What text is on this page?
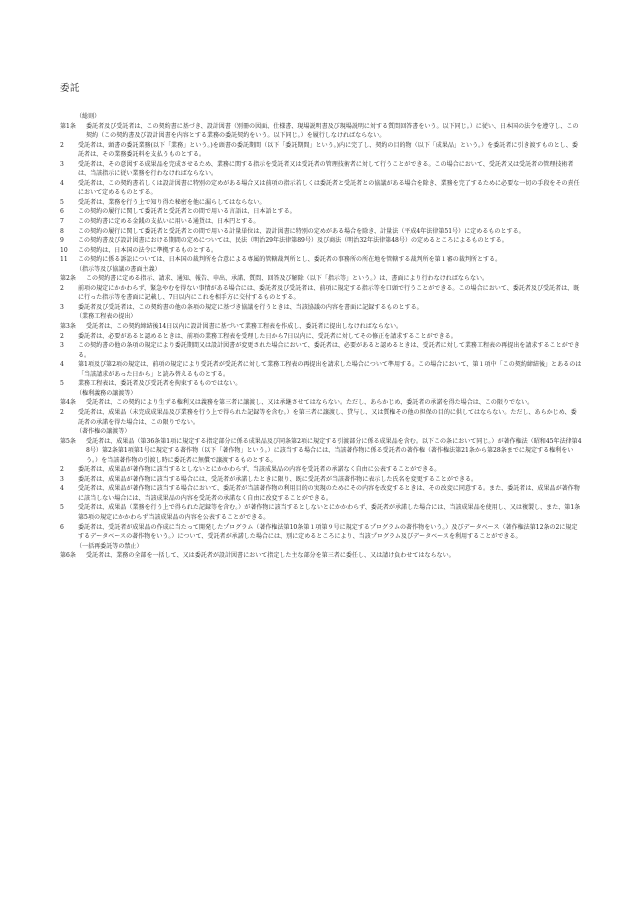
委託
（総則）
第1条	委託者及び受託者は、この契約書に基づき、設計図書（別冊の図面、仕様書、現場説明書及び現場説明に対する質問回答書をいう。以下同じ。）に従い、日本国の法令を遵守し、この契約（この契約書及び設計図書を内容とする業務の委託契約をいう。以下同じ。）を履行しなければならない。
2	受託者は、頭書の委託業務(以下「業務」という。)を頭書の委託期間（以下「委託期間」という。)内に完了し、契約の目的物（以下「成果品」という。）を委託者に引き渡すものとし、委託者は、その業務委託料を支払うものとする。
3	受託者は、その意図する成果品を完成させるため、業務に関する指示を受託者又は受託者の管理技術者に対して行うことができる。この場合において、受託者又は受託者の管理技術者は、当該指示に従い業務を行わなければならない。
4	受託者は、この契約書若しくは設計図書に特別の定めがある場合又は前項の指示若しくは委託者と受託者との協議がある場合を除き、業務を完了するために必要な一切の手段をその責任において定めるものとする。
5	受託者は、業務を行う上で知り得た秘密を他に漏らしてはならない。
6	この契約の履行に関して委託者と受託者との間で用いる言語は、日本語とする。
7	この契約書に定める金銭の支払いに用いる通貨は、日本円とする。
8	この契約の履行に関して委託者と受託者との間で用いる計量単位は、設計図書に特別の定めがある場合を除き、計量法（平成4年法律第51号）に定めるものとする。
9	この契約書及び設計図書における期間の定めについては、民法（明治29年法律第89号）及び商法（明治32年法律第48号）の定めるところによるものとする。
10	この契約は、日本国の法令に準拠するものとする。
11	この契約に係る訴訟については、日本国の裁判所を合意による専属的管轄裁判所とし、委託者の事務所の所在地を管轄する裁判所を第１審の裁判所とする。
（指示等及び協議の書面主義）
第2条	この契約書に定める指示、請求、通知、報告、申出、承諾、質問、回答及び解除（以下「指示等」という。）は、書面により行わなければならない。
2	前項の規定にかかわらず、緊急やむを得ない事情がある場合には、委託者及び受託者は、前項に規定する指示等を口頭で行うことができる。この場合において、委託者及び受託者は、既に行った指示等を書面に記載し、7日以内にこれを相手方に交付するものとする。
3	委託者及び受託者は、この契約書の他の条項の規定に基づき協議を行うときは、当該協議の内容を書面に記録するものとする。
（業務工程表の提出）
第3条	受託者は、この契約締結後14日以内に設計図書に基づいて業務工程表を作成し、委託者に提出しなければならない。
2	委託者は、必要があると認めるときは、前項の業務工程表を受理した日から7日以内に、受託者に対してその修正を請求することができる。
3	この契約書の他の条項の規定により委託期間又は設計図書が変更された場合において、委託者は、必要があると認めるときは、受託者に対して業務工程表の再提出を請求することができる。
4	第1項及び第2項の規定は、前項の規定により受託者が受託者に対して業務工程表の再提出を請求した場合について準用する。この場合において、第１項中「この契約締結後」とあるのは「当該請求があった日から」と読み替えるものとする。
5	業務工程表は、委託者及び受託者を拘束するものではない。
（権利義務の譲渡等）
第4条	受託者は、この契約により生ずる権利又は義務を第三者に譲渡し、又は承継させてはならない。ただし、あらかじめ、委託者の承諾を得た場合は、この限りでない。
2	受託者は、成果品（未完成成果品及び業務を行う上で得られた記録等を含む。）を第三者に譲渡し、貸与し、又は質権その他の担保の目的に供してはならない。ただし、あらかじめ、委託者の承諾を得た場合は、この限りでない。
（著作権の譲渡等）
第5条	受託者は、成果品（第36条第1項に規定する指定部分に係る成果品及び同条第2項に規定する引渡部分に係る成果品を含む。以下この条において同じ。）が著作権法（昭和45年法律第48号）第2条第1項第1号に規定する著作物（以下「著作物」という。）に該当する場合には、当該著作物に係る受託者の著作権（著作権法第21条から第28条までに規定する権利をいう。）を当該著作物の引渡し時に委託者に無償で譲渡するものとする。
2	委託者は、成果品が著作物に該当するとしないとにかかわらず、当該成果品の内容を受託者の承諾なく自由に公表することができる。
3	委託者は、成果品が著作物に該当する場合には、受託者が承諾したときに限り、既に受託者が当該著作物に表示した氏名を変更することができる。
4	受託者は、成果品が著作物に該当する場合において、委託者が当該著作物の利用目的の実現のためにその内容を改変するときは、その改変に同意する。また、委託者は、成果品が著作物に該当しない場合には、当該成果品の内容を受託者の承諾なく自由に改変することができる。
5	受託者は、成果品（業務を行う上で得られた記録等を含む。）が著作物に該当するとしないとにかかわらず、委託者が承諾した場合には、当該成果品を使用し、又は複製し、また、第1条第5項の規定にかかわらず当該成果品の内容を公表することができる。
6	委託者は、受託者が成果品の作成に当たって開発したプログラム（著作権法第10条第１項第９号に規定するプログラムの著作物をいう。）及びデータベース（著作権法第12条の2に規定するデータベースの著作物をいう。）について、受託者が承諾した場合には、別に定めるところにより、当該プログラム及びデータベースを利用することができる。
（一括再委託等の禁止）
第6条	受託者は、業務の全部を一括して、又は委託者が設計図書において指定した主な部分を第三者に委任し、又は請け負わせてはならない。
